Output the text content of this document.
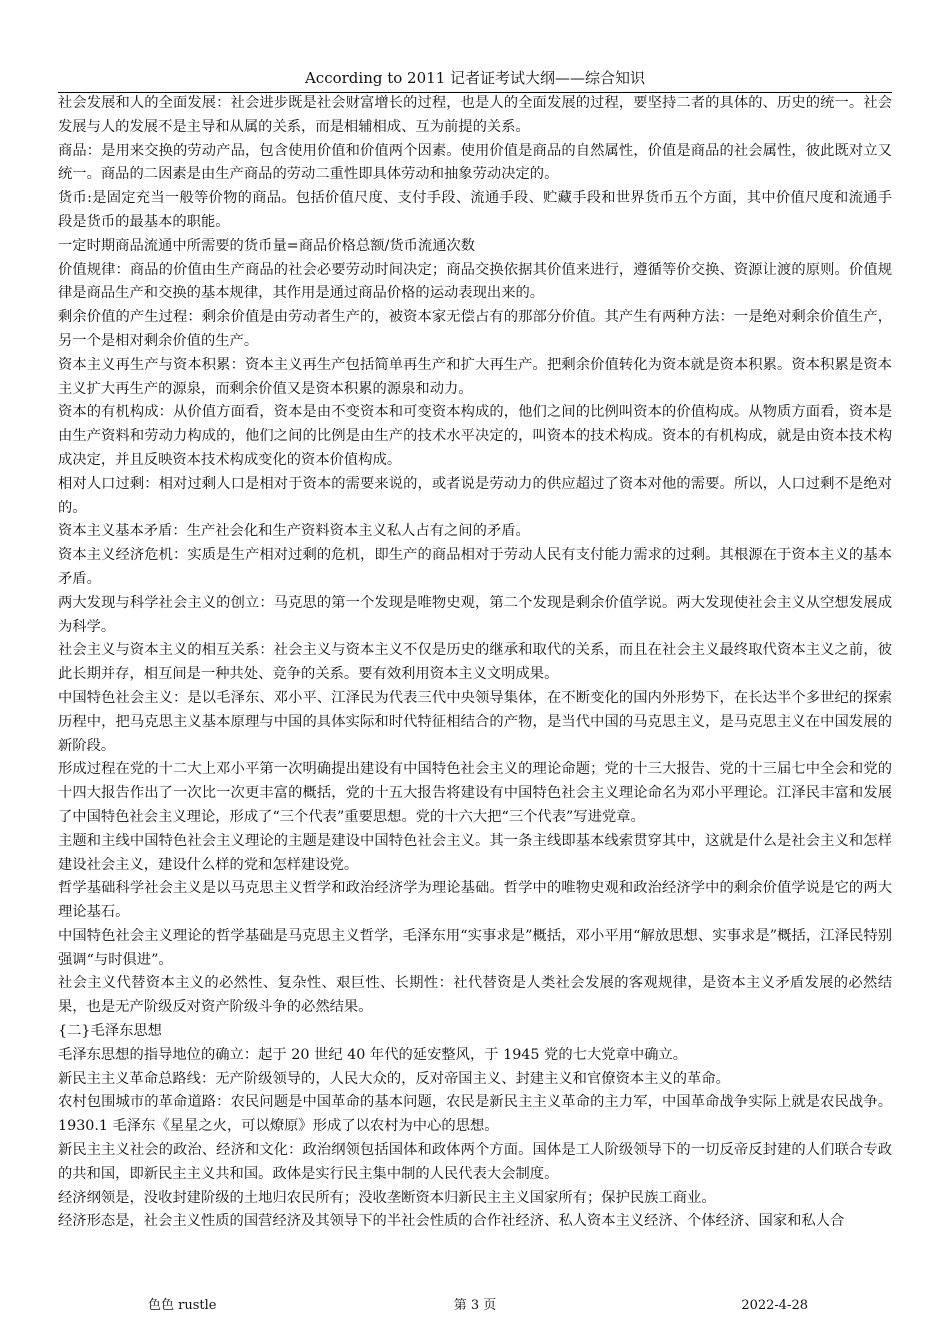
According to 2011 记者证考试大纲——综合知识

社会发展和人的全面发展：社会进步既是社会财富增长的过程，也是人的全面发展的过程，要坚持二者的具体的、历史的统一。社会发展与人的发展不是主导和从属的关系，而是相辅相成、互为前提的关系。

商品：是用来交换的劳动产品，包含使用价值和价值两个因素。使用价值是商品的自然属性，价值是商品的社会属性，彼此既对立又统一。商品的二因素是由生产商品的劳动二重性即具体劳动和抽象劳动决定的。

货币:是固定充当一般等价物的商品。包括价值尺度、支付手段、流通手段、贮藏手段和世界货币五个方面，其中价值尺度和流通手段是货币的最基本的职能。

一定时期商品流通中所需要的货币量=商品价格总额/货币流通次数

价值规律：商品的价值由生产商品的社会必要劳动时间决定；商品交换依据其价值来进行，遵循等价交换、资源让渡的原则。价值规律是商品生产和交换的基本规律，其作用是通过商品价格的运动表现出来的。

剩余价值的产生过程：剩余价值是由劳动者生产的，被资本家无偿占有的那部分价值。其产生有两种方法：一是绝对剩余价值生产，另一个是相对剩余价值的生产。

资本主义再生产与资本积累：资本主义再生产包括简单再生产和扩大再生产。把剩余价值转化为资本就是资本积累。资本积累是资本主义扩大再生产的源泉，而剩余价值又是资本积累的源泉和动力。

资本的有机构成：从价值方面看，资本是由不变资本和可变资本构成的，他们之间的比例叫资本的价值构成。从物质方面看，资本是由生产资料和劳动力构成的，他们之间的比例是由生产的技术水平决定的，叫资本的技术构成。资本的有机构成，就是由资本技术构成决定，并且反映资本技术构成变化的资本价值构成。

相对人口过剩：相对过剩人口是相对于资本的需要来说的，或者说是劳动力的供应超过了资本对他的需要。所以，人口过剩不是绝对的。

资本主义基本矛盾：生产社会化和生产资料资本主义私人占有之间的矛盾。

资本主义经济危机：实质是生产相对过剩的危机，即生产的商品相对于劳动人民有支付能力需求的过剩。其根源在于资本主义的基本矛盾。

两大发现与科学社会主义的创立：马克思的第一个发现是唯物史观，第二个发现是剩余价值学说。两大发现使社会主义从空想发展成为科学。

社会主义与资本主义的相互关系：社会主义与资本主义不仅是历史的继承和取代的关系，而且在社会主义最终取代资本主义之前，彼此长期并存，相互间是一种共处、竞争的关系。要有效利用资本主义文明成果。

中国特色社会主义：是以毛泽东、邓小平、江泽民为代表三代中央领导集体，在不断变化的国内外形势下，在长达半个多世纪的探索历程中，把马克思主义基本原理与中国的具体实际和时代特征相结合的产物，是当代中国的马克思主义，是马克思主义在中国发展的新阶段。

形成过程在党的十二大上邓小平第一次明确提出建设有中国特色社会主义的理论命题；党的十三大报告、党的十三届七中全会和党的十四大报告作出了一次比一次更丰富的概括，党的十五大报告将建设有中国特色社会主义理论命名为邓小平理论。江泽民丰富和发展了中国特色社会主义理论，形成了“三个代表”重要思想。党的十六大把“三个代表”写进党章。

主题和主线中国特色社会主义理论的主题是建设中国特色社会主义。其一条主线即基本线索贯穿其中，这就是什么是社会主义和怎样建设社会主义，建设什么样的党和怎样建设党。

哲学基础科学社会主义是以马克思主义哲学和政治经济学为理论基础。哲学中的唯物史观和政治经济学中的剩余价值学说是它的两大理论基石。

中国特色社会主义理论的哲学基础是马克思主义哲学，毛泽东用“实事求是”概括，邓小平用“解放思想、实事求是”概括，江泽民特别强调“与时俱进”。

社会主义代替资本主义的必然性、复杂性、艰巨性、长期性：社代替资是人类社会发展的客观规律，是资本主义矛盾发展的必然结果，也是无产阶级反对资产阶级斗争的必然结果。

{二}毛泽东思想

毛泽东思想的指导地位的确立：起于 20 世纪 40 年代的延安整风，于 1945 党的七大党章中确立。

新民主主义革命总路线：无产阶级领导的，人民大众的，反对帝国主义、封建主义和官僚资本主义的革命。

农村包围城市的革命道路：农民问题是中国革命的基本问题，农民是新民主主义革命的主力军，中国革命战争实际上就是农民战争。1930.1 毛泽东《星星之火，可以燎原》形成了以农村为中心的思想。

新民主主义社会的政治、经济和文化：政治纲领包括国体和政体两个方面。国体是工人阶级领导下的一切反帝反封建的人们联合专政的共和国，即新民主主义共和国。政体是实行民主集中制的人民代表大会制度。

经济纲领是，没收封建阶级的土地归农民所有；没收垄断资本归新民主主义国家所有；保护民族工商业。

经济形态是，社会主义性质的国营经济及其领导下的半社会性质的合作社经济、私人资本主义经济、个体经济、国家和私人合

色色 rustle	第 3 页	2022-4-28
